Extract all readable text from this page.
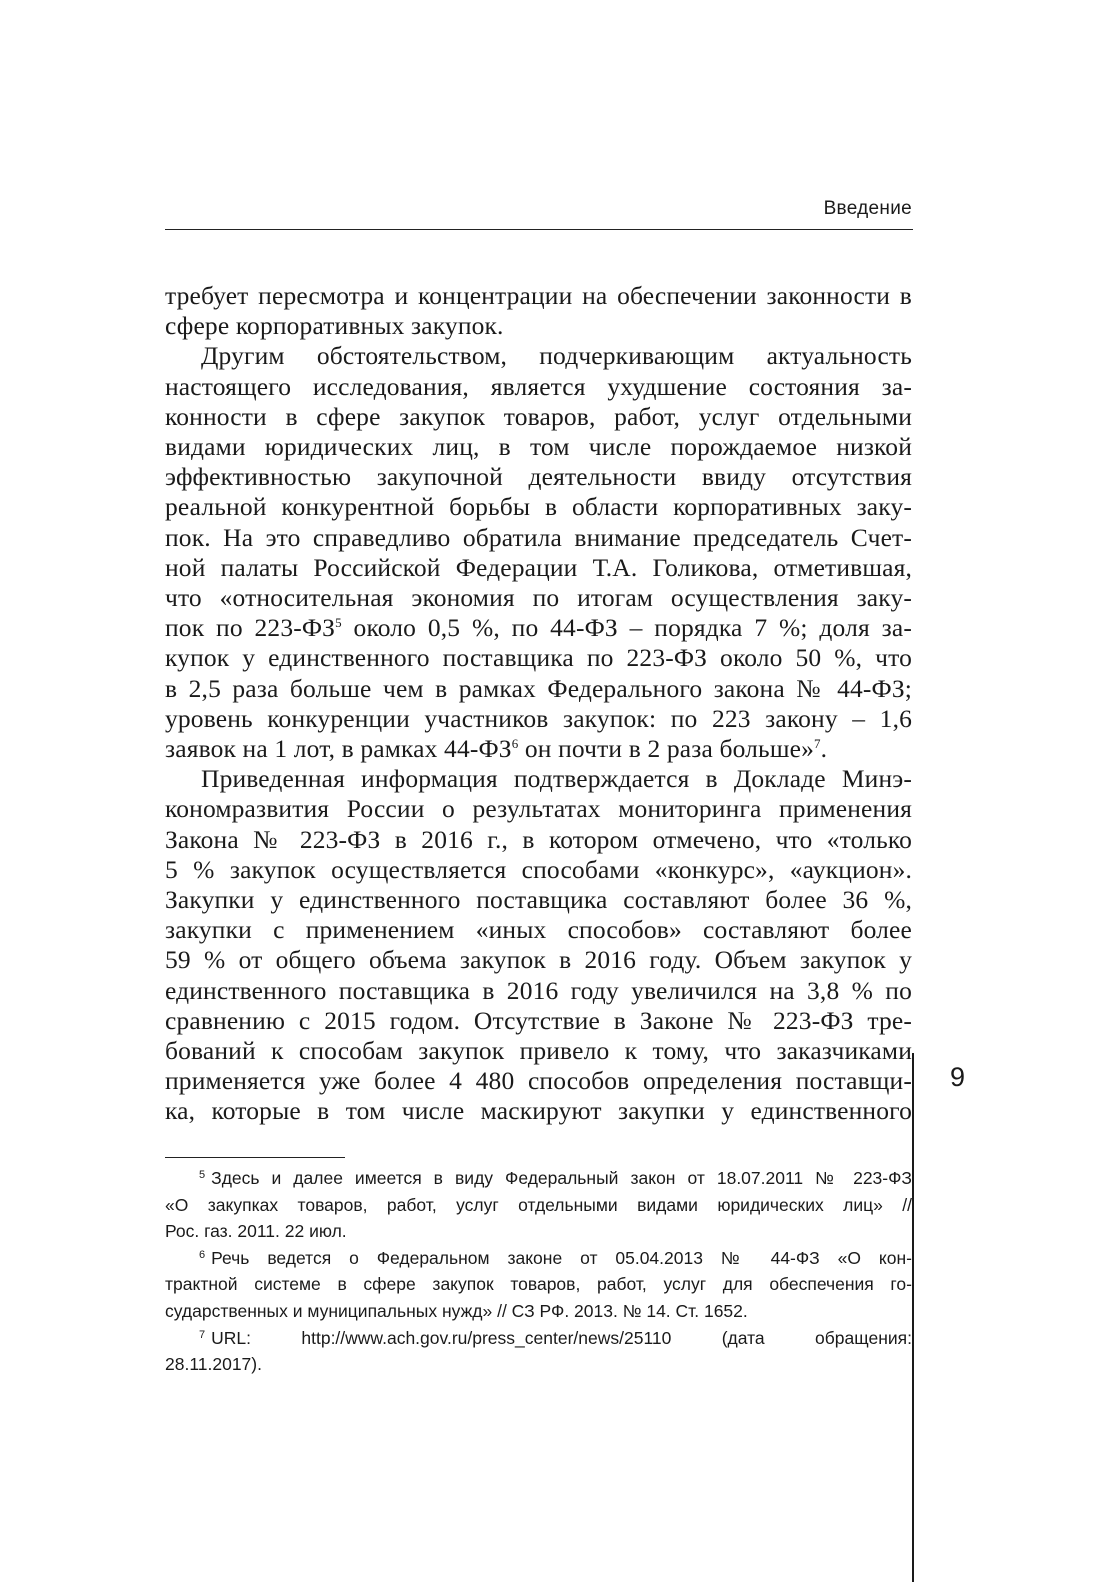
Введение
требует пересмотра и концентрации на обеспечении законности в
сфере корпоративных закупок.
Другим обстоятельством, подчеркивающим актуальность
настоящего исследования, является ухудшение состояния за-
конности в сфере закупок товаров, работ, услуг отдельными
видами юридических лиц, в том числе порождаемое низкой
эффективностью закупочной деятельности ввиду отсутствия
реальной конкурентной борьбы в области корпоративных заку-
пок. На это справедливо обратила внимание председатель Счет-
ной палаты Российской Федерации Т.А. Голикова, отметившая,
что «относительная экономия по итогам осуществления заку-
пок по $223-ФЗ^5$ около 0,5 %, по 44-ФЗ – порядка 7 %; доля за-
купок у единственного поставщика по 223-ФЗ около 50 %, что
в 2,5 раза больше чем в рамках Федерального закона № 44-ФЗ;
уровень конкуренции участников закупок: по 223 закону – 1,6
заявок на 1 лот, в рамках $44-ФЗ^6$ он почти в 2 раза больше»$^7$.
Приведенная информация подтверждается в Докладе Минэ-
кономразвития России о результатах мониторинга применения
Закона № 223-ФЗ в 2016 г., в котором отмечено, что «только
5 % закупок осуществляется способами «конкурс», «аукцион».
Закупки у единственного поставщика составляют более 36 %,
закупки с применением «иных способов» составляют более
59 % от общего объема закупок в 2016 году. Объем закупок у
единственного поставщика в 2016 году увеличился на 3,8 % по
сравнению с 2015 годом. Отсутствие в Законе № 223-ФЗ тре-
бований к способам закупок привело к тому, что заказчиками
применяется уже более 4 480 способов определения поставщи-
ка, которые в том числе маскируют закупки у единственного
$^5$ Здесь и далее имеется в виду Федеральный закон от 18.07.2011 № 223-ФЗ
«О закупках товаров, работ, услуг отдельными видами юридических лиц» //
Рос. газ. 2011. 22 июл.
$^6$ Речь ведется о Федеральном законе от 05.04.2013 № 44-ФЗ «О кон-
трактной системе в сфере закупок товаров, работ, услуг для обеспечения го-
сударственных и муниципальных нужд» // СЗ РФ. 2013. № 14. Ст. 1652.
$^7$ URL: http://www.ach.gov.ru/press_center/news/25110 (дата обращения:
28.11.2017).
9
